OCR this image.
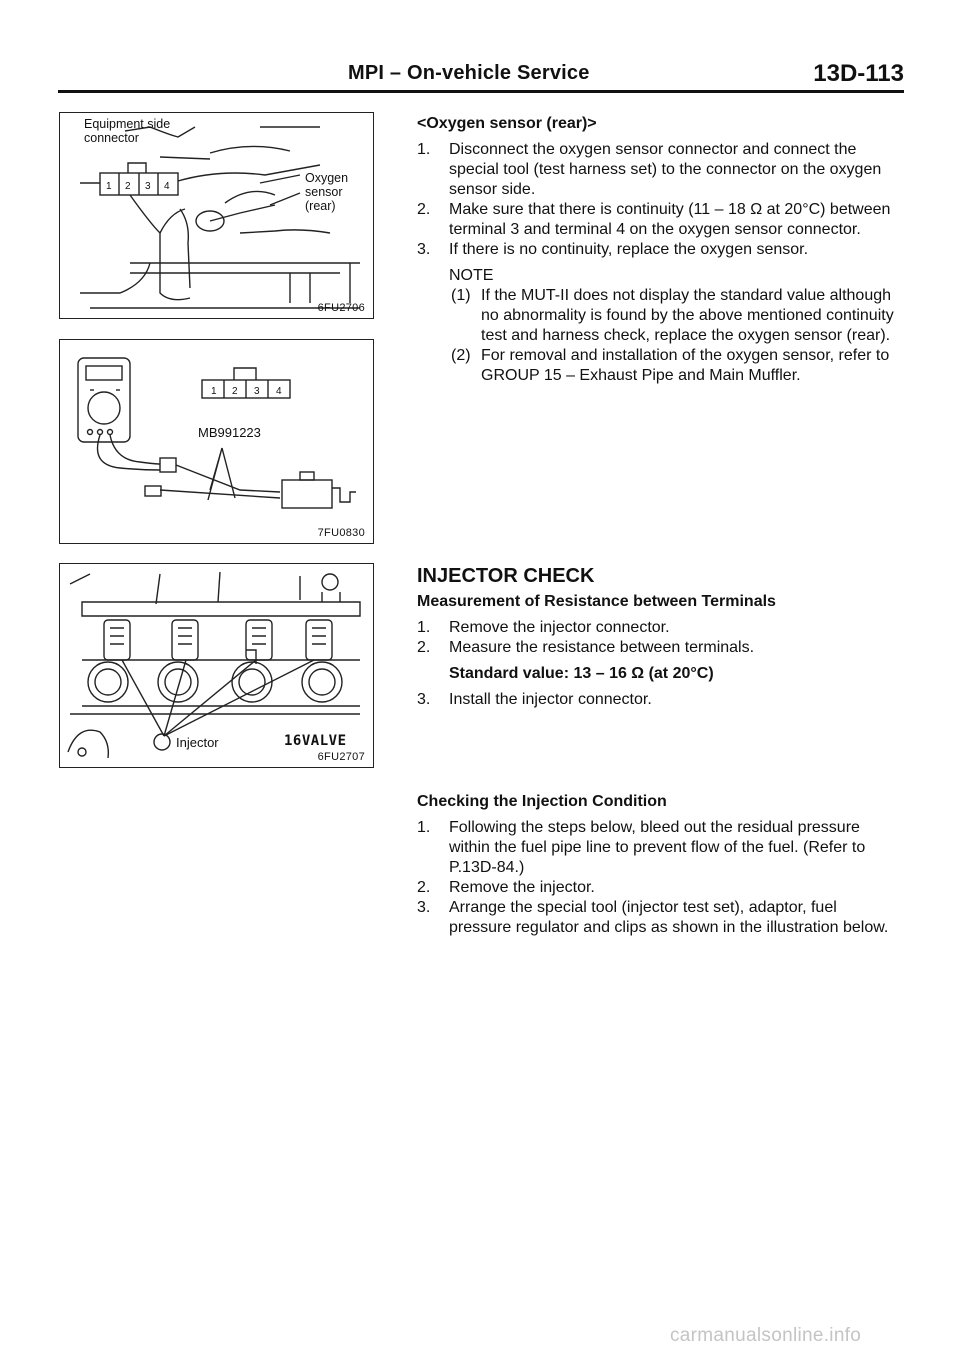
MPI – On-vehicle Service	13D-113
1 2 3 4
Equipment side
connector
Oxygen
sensor
(rear)
6FU2706
1 2 3 4
MB991223
7FU0830
Injector	16VALVE
6FU2707

<Oxygen sensor (rear)>

1. Disconnect the oxygen sensor connector and connect the special tool (test harness set) to the connector on the oxygen sensor side.

2. Make sure that there is continuity (11 – 18 Ω at 20°C) between terminal 3 and terminal 4 on the oxygen sensor connector.

3. If there is no continuity, replace the oxygen sensor.

NOTE

(1) If the MUT-II does not display the standard value although no abnormality is found by the above mentioned continuity test and harness check, replace the oxygen sensor (rear).

(2) For removal and installation of the oxygen sensor, refer to GROUP 15 – Exhaust Pipe and Main Muffler.

INJECTOR CHECK

Measurement of Resistance between Terminals

1. Remove the injector connector.

2. Measure the resistance between terminals.

Standard value: 13 – 16 Ω (at 20°C)

3. Install the injector connector.

Checking the Injection Condition

1. Following the steps below, bleed out the residual pressure within the fuel pipe line to prevent flow of the fuel. (Refer to P.13D-84.)

2. Remove the injector.

3. Arrange the special tool (injector test set), adaptor, fuel pressure regulator and clips as shown in the illustration below.

carmanualsonline.info
